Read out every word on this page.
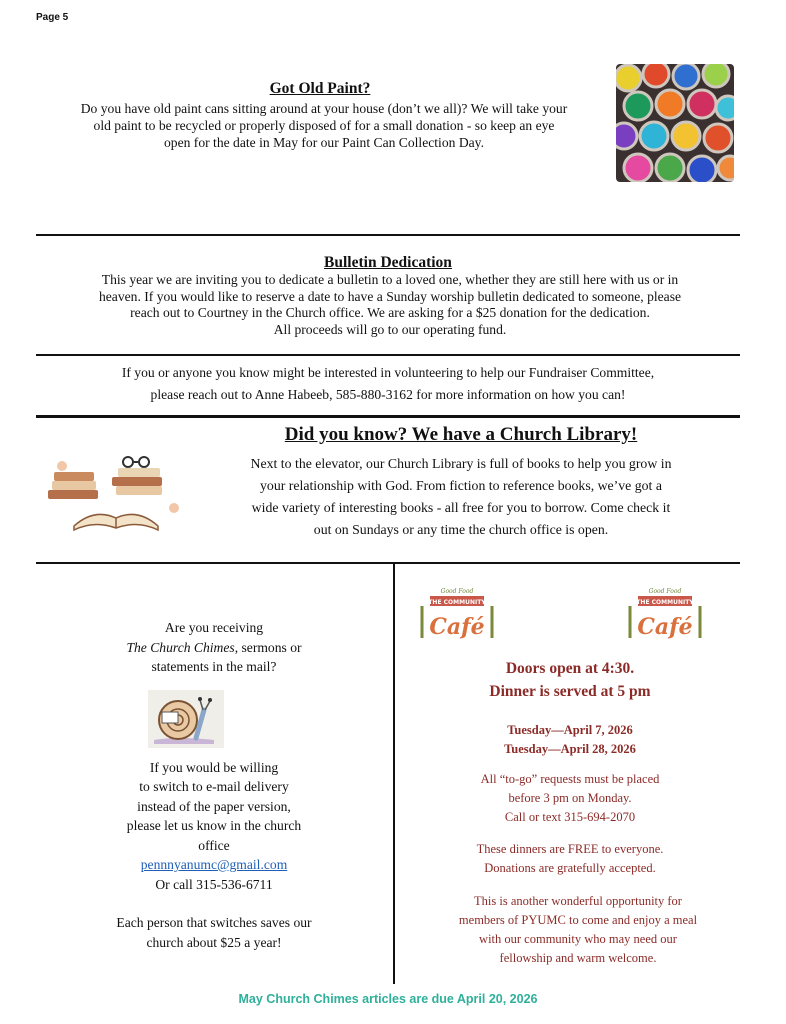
Page 5
Got Old Paint?
Do you have old paint cans sitting around at your house (don’t we all)? We will take your
old paint to be recycled or properly disposed of for a small donation - so keep an eye
open for the date in May for our Paint Can Collection Day.
Bulletin Dedication
This year we are inviting you to dedicate a bulletin to a loved one, whether they are still here with us or in
heaven. If you would like to reserve a date to have a Sunday worship bulletin dedicated to someone, please
reach out to Courtney in the Church office. We are asking for a $25 donation for the dedication.
All proceeds will go to our operating fund.
If you or anyone you know might be interested in volunteering to help our Fundraiser Committee,
please reach out to Anne Habeeb, 585-880-3162 for more information on how you can!
Did you know? We have a Church Library!
Next to the elevator, our Church Library is full of books to help you grow in
your relationship with God. From fiction to reference books, we’ve got a
wide variety of interesting books - all free for you to borrow. Come check it
out on Sundays or any time the church office is open.

Are you receiving

The Church Chimes, sermons or

statements in the mail?

If you would be willing

to switch to e-mail delivery

instead of the paper version,

please let us know in the church

office

pennnyanumc@gmail.com

Or call 315-536-6711

Each person that switches saves our

church about $25 a year!

Good Food
THE COMMUNITY
Café
Good Food
THE COMMUNITY
Café
Doors open at 4:30.
Dinner is served at 5 pm
Tuesday—April 7, 2026
Tuesday—April 28, 2026
All “to-go” requests must be placed
before 3 pm on Monday.
Call or text 315-694-2070
These dinners are FREE to everyone.
Donations are gratefully accepted.
This is another wonderful opportunity for
members of PYUMC to come and enjoy a meal
with our community who may need our
fellowship and warm welcome.
May Church Chimes articles are due April 20, 2026
